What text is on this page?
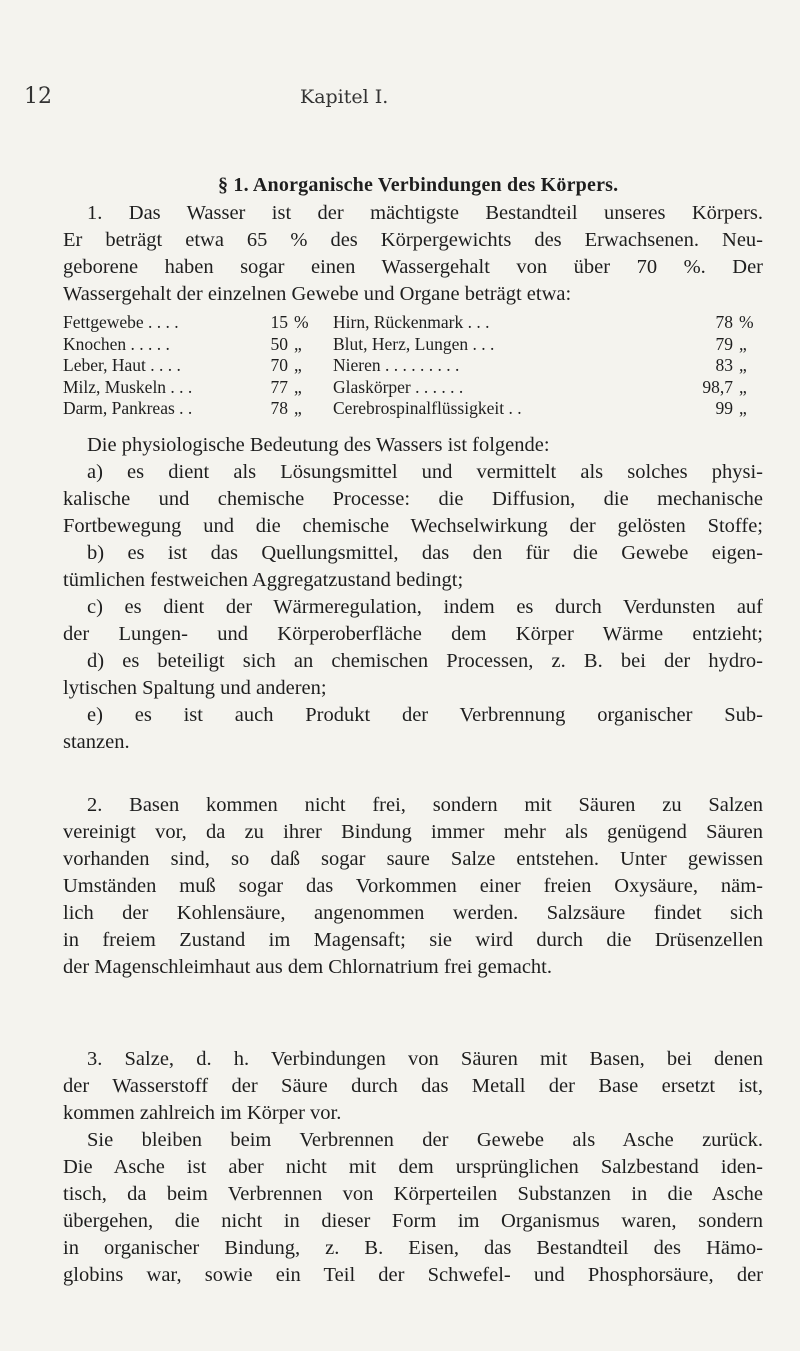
12	Kapitel I.
§ 1. Anorganische Verbindungen des Körpers.
1. Das Wasser ist der mächtigste Bestandteil unseres Körpers.
Er beträgt etwa 65 % des Körpergewichts des Erwachsenen. Neu-
geborene haben sogar einen Wassergehalt von über 70 %. Der
Wassergehalt der einzelnen Gewebe und Organe beträgt etwa:
Fettgewebe . . . .	15 %
Knochen . . . . .	50 „
Leber, Haut . . . .	70 „
Milz, Muskeln . . .	77 „
Darm, Pankreas . .	78 „
Hirn, Rückenmark . . .	78 %
Blut, Herz, Lungen . . .	79 „
Nieren . . . . . . . . .	83 „
Glaskörper . . . . . .	98,7 „
Cerebrospinalflüssigkeit . .	99 „
Die physiologische Bedeutung des Wassers ist folgende:
a) es dient als Lösungsmittel und vermittelt als solches physi-
kalische und chemische Processe: die Diffusion, die mechanische
Fortbewegung und die chemische Wechselwirkung der gelösten Stoffe;
b) es ist das Quellungsmittel, das den für die Gewebe eigen-
tümlichen festweichen Aggregatzustand bedingt;
c) es dient der Wärmeregulation, indem es durch Verdunsten auf
der Lungen- und Körperoberfläche dem Körper Wärme entzieht;
d) es beteiligt sich an chemischen Processen, z. B. bei der hydro-
lytischen Spaltung und anderen;
e) es ist auch Produkt der Verbrennung organischer Sub-
stanzen.
2. Basen kommen nicht frei, sondern mit Säuren zu Salzen
vereinigt vor, da zu ihrer Bindung immer mehr als genügend Säuren
vorhanden sind, so daß sogar saure Salze entstehen. Unter gewissen
Umständen muß sogar das Vorkommen einer freien Oxysäure, näm-
lich der Kohlensäure, angenommen werden. Salzsäure findet sich
in freiem Zustand im Magensaft; sie wird durch die Drüsenzellen
der Magenschleimhaut aus dem Chlornatrium frei gemacht.
3. Salze, d. h. Verbindungen von Säuren mit Basen, bei denen
der Wasserstoff der Säure durch das Metall der Base ersetzt ist,
kommen zahlreich im Körper vor.
Sie bleiben beim Verbrennen der Gewebe als Asche zurück.
Die Asche ist aber nicht mit dem ursprünglichen Salzbestand iden-
tisch, da beim Verbrennen von Körperteilen Substanzen in die Asche
übergehen, die nicht in dieser Form im Organismus waren, sondern
in organischer Bindung, z. B. Eisen, das Bestandteil des Hämo-
globins war, sowie ein Teil der Schwefel- und Phosphorsäure, der
